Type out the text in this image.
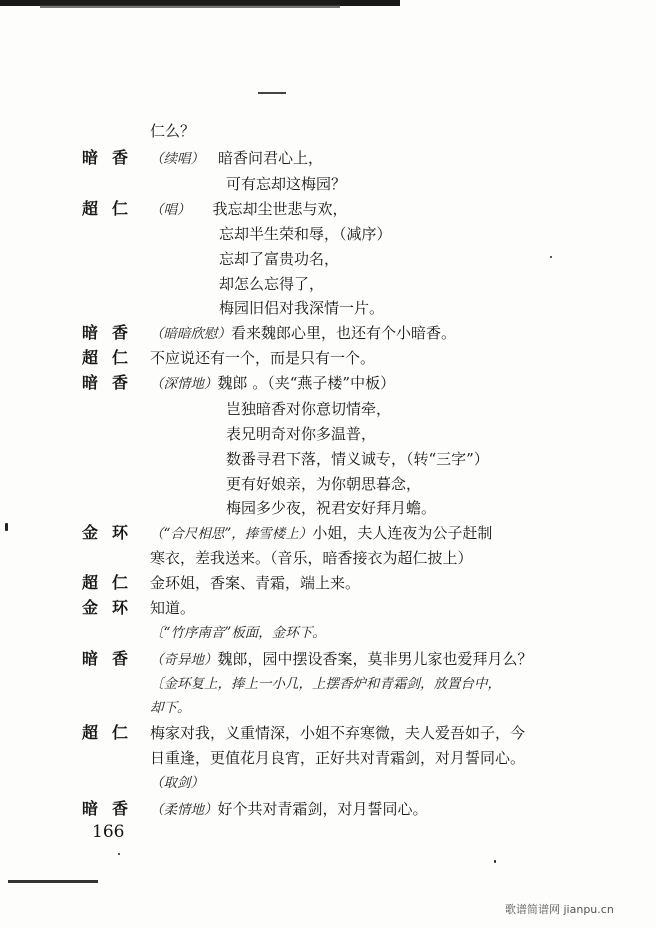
仁么？
暗香 （续唱） 暗香问君心上，
可有忘却这梅园？
超仁 （唱） 我忘却尘世悲与欢，
忘却半生荣和辱，（减序）
忘却了富贵功名，
却怎么忘得了，
梅园旧侣对我深情一片。
暗香 （暗暗欣慰）看来魏郎心里，也还有个小暗香。
超仁 不应说还有一个，而是只有一个。
暗香 （深情地）魏郎 。（夹“燕子楼”中板）
岂独暗香对你意切情牵，
表兄明奇对你多温普，
数番寻君下落，情义诚专，（转“三字”）
更有好娘亲，为你朝思暮念，
梅园多少夜，祝君安好拜月蟾。
金环 （“合尺相思”，捧雪楼上）小姐，夫人连夜为公子赶制
寒衣，差我送来。（音乐，暗香接衣为超仁披上）
超仁 金环姐，香案、青霜，端上来。
金环 知道。
〔“竹序南音”板面，金环下。
暗香 （奇异地）魏郎，园中摆设香案，莫非男儿家也爱拜月么？
〔金环复上，捧上一小几，上摆香炉和青霜剑，放置台中，
却下。
超仁 梅家对我，义重情深，小姐不弃寒微，夫人爱吾如子，今
日重逢，更值花月良宵，正好共对青霜剑，对月誓同心。
（取剑）
暗香 （柔情地）好个共对青霜剑，对月誓同心。
166
歌谱简谱网 jianpu.cn
